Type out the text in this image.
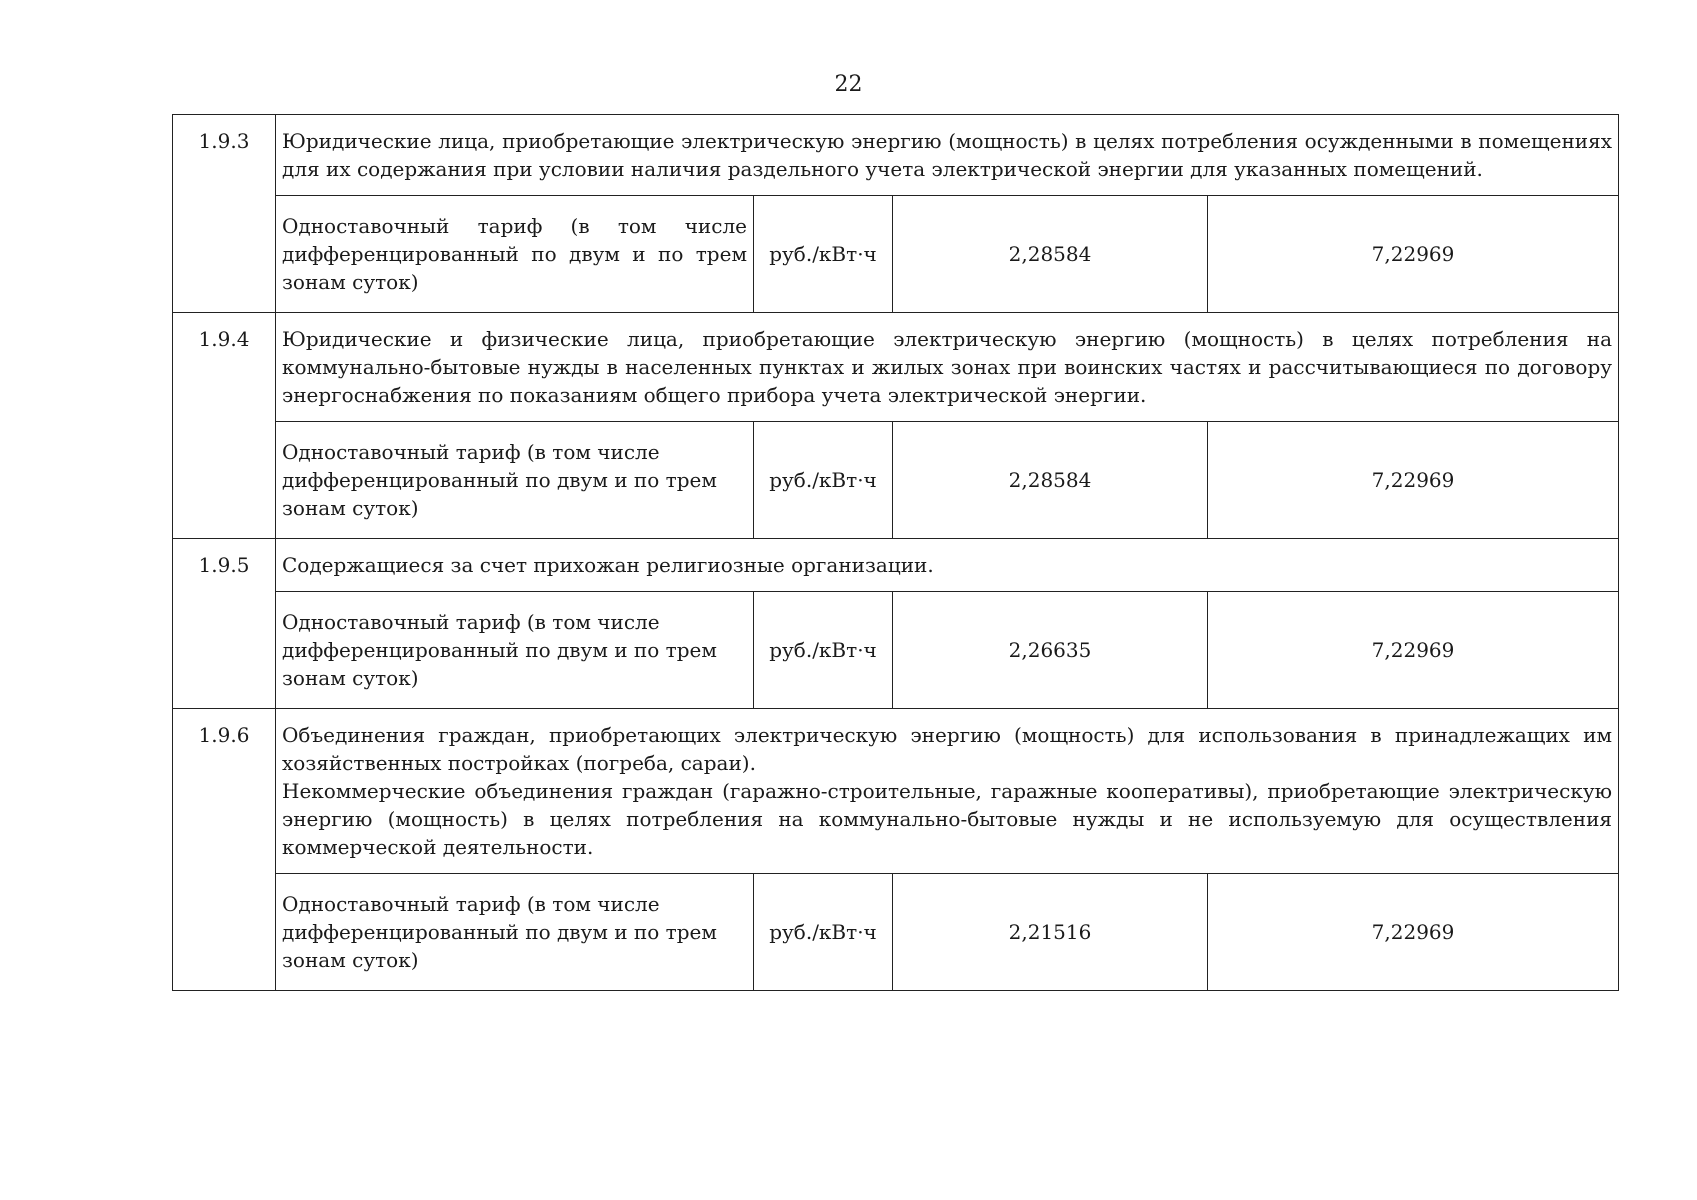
22
1.9.3	Юридические лица, приобретающие электрическую энергию (мощность) в целях потребления осужденными в помещениях для их содержания при условии наличия раздельного учета электрической энергии для указанных помещений.			

	Одноставочный тариф (в том числе дифференцированный по двум и по трем зонам суток)	руб./кВт·ч	2,28584	7,22969
1.9.4	Юридические и физические лица, приобретающие электрическую энергию (мощность) в целях потребления на коммунально-бытовые нужды в населенных пунктах и жилых зонах при воинских частях и рассчитывающиеся по договору энергоснабжения по показаниям общего прибора учета электрической энергии.			

	Одноставочный тариф (в том числе дифференцированный по двум и по трем зонам суток)	руб./кВт·ч	2,28584	7,22969
1.9.5	Содержащиеся за счет прихожан религиозные организации.			

	Одноставочный тариф (в том числе дифференцированный по двум и по трем зонам суток)	руб./кВт·ч	2,26635	7,22969
1.9.6	Объединения граждан, приобретающих электрическую энергию (мощность) для использования в принадлежащих им хозяйственных постройках (погреба, сараи).

Некоммерческие объединения граждан (гаражно-строительные, гаражные кооперативы), приобретающие электрическую энергию (мощность) в целях потребления на коммунально-бытовые нужды и не используемую для осуществления коммерческой деятельности.			

	Одноставочный тариф (в том числе дифференцированный по двум и по трем зонам суток)	руб./кВт·ч	2,21516	7,22969
